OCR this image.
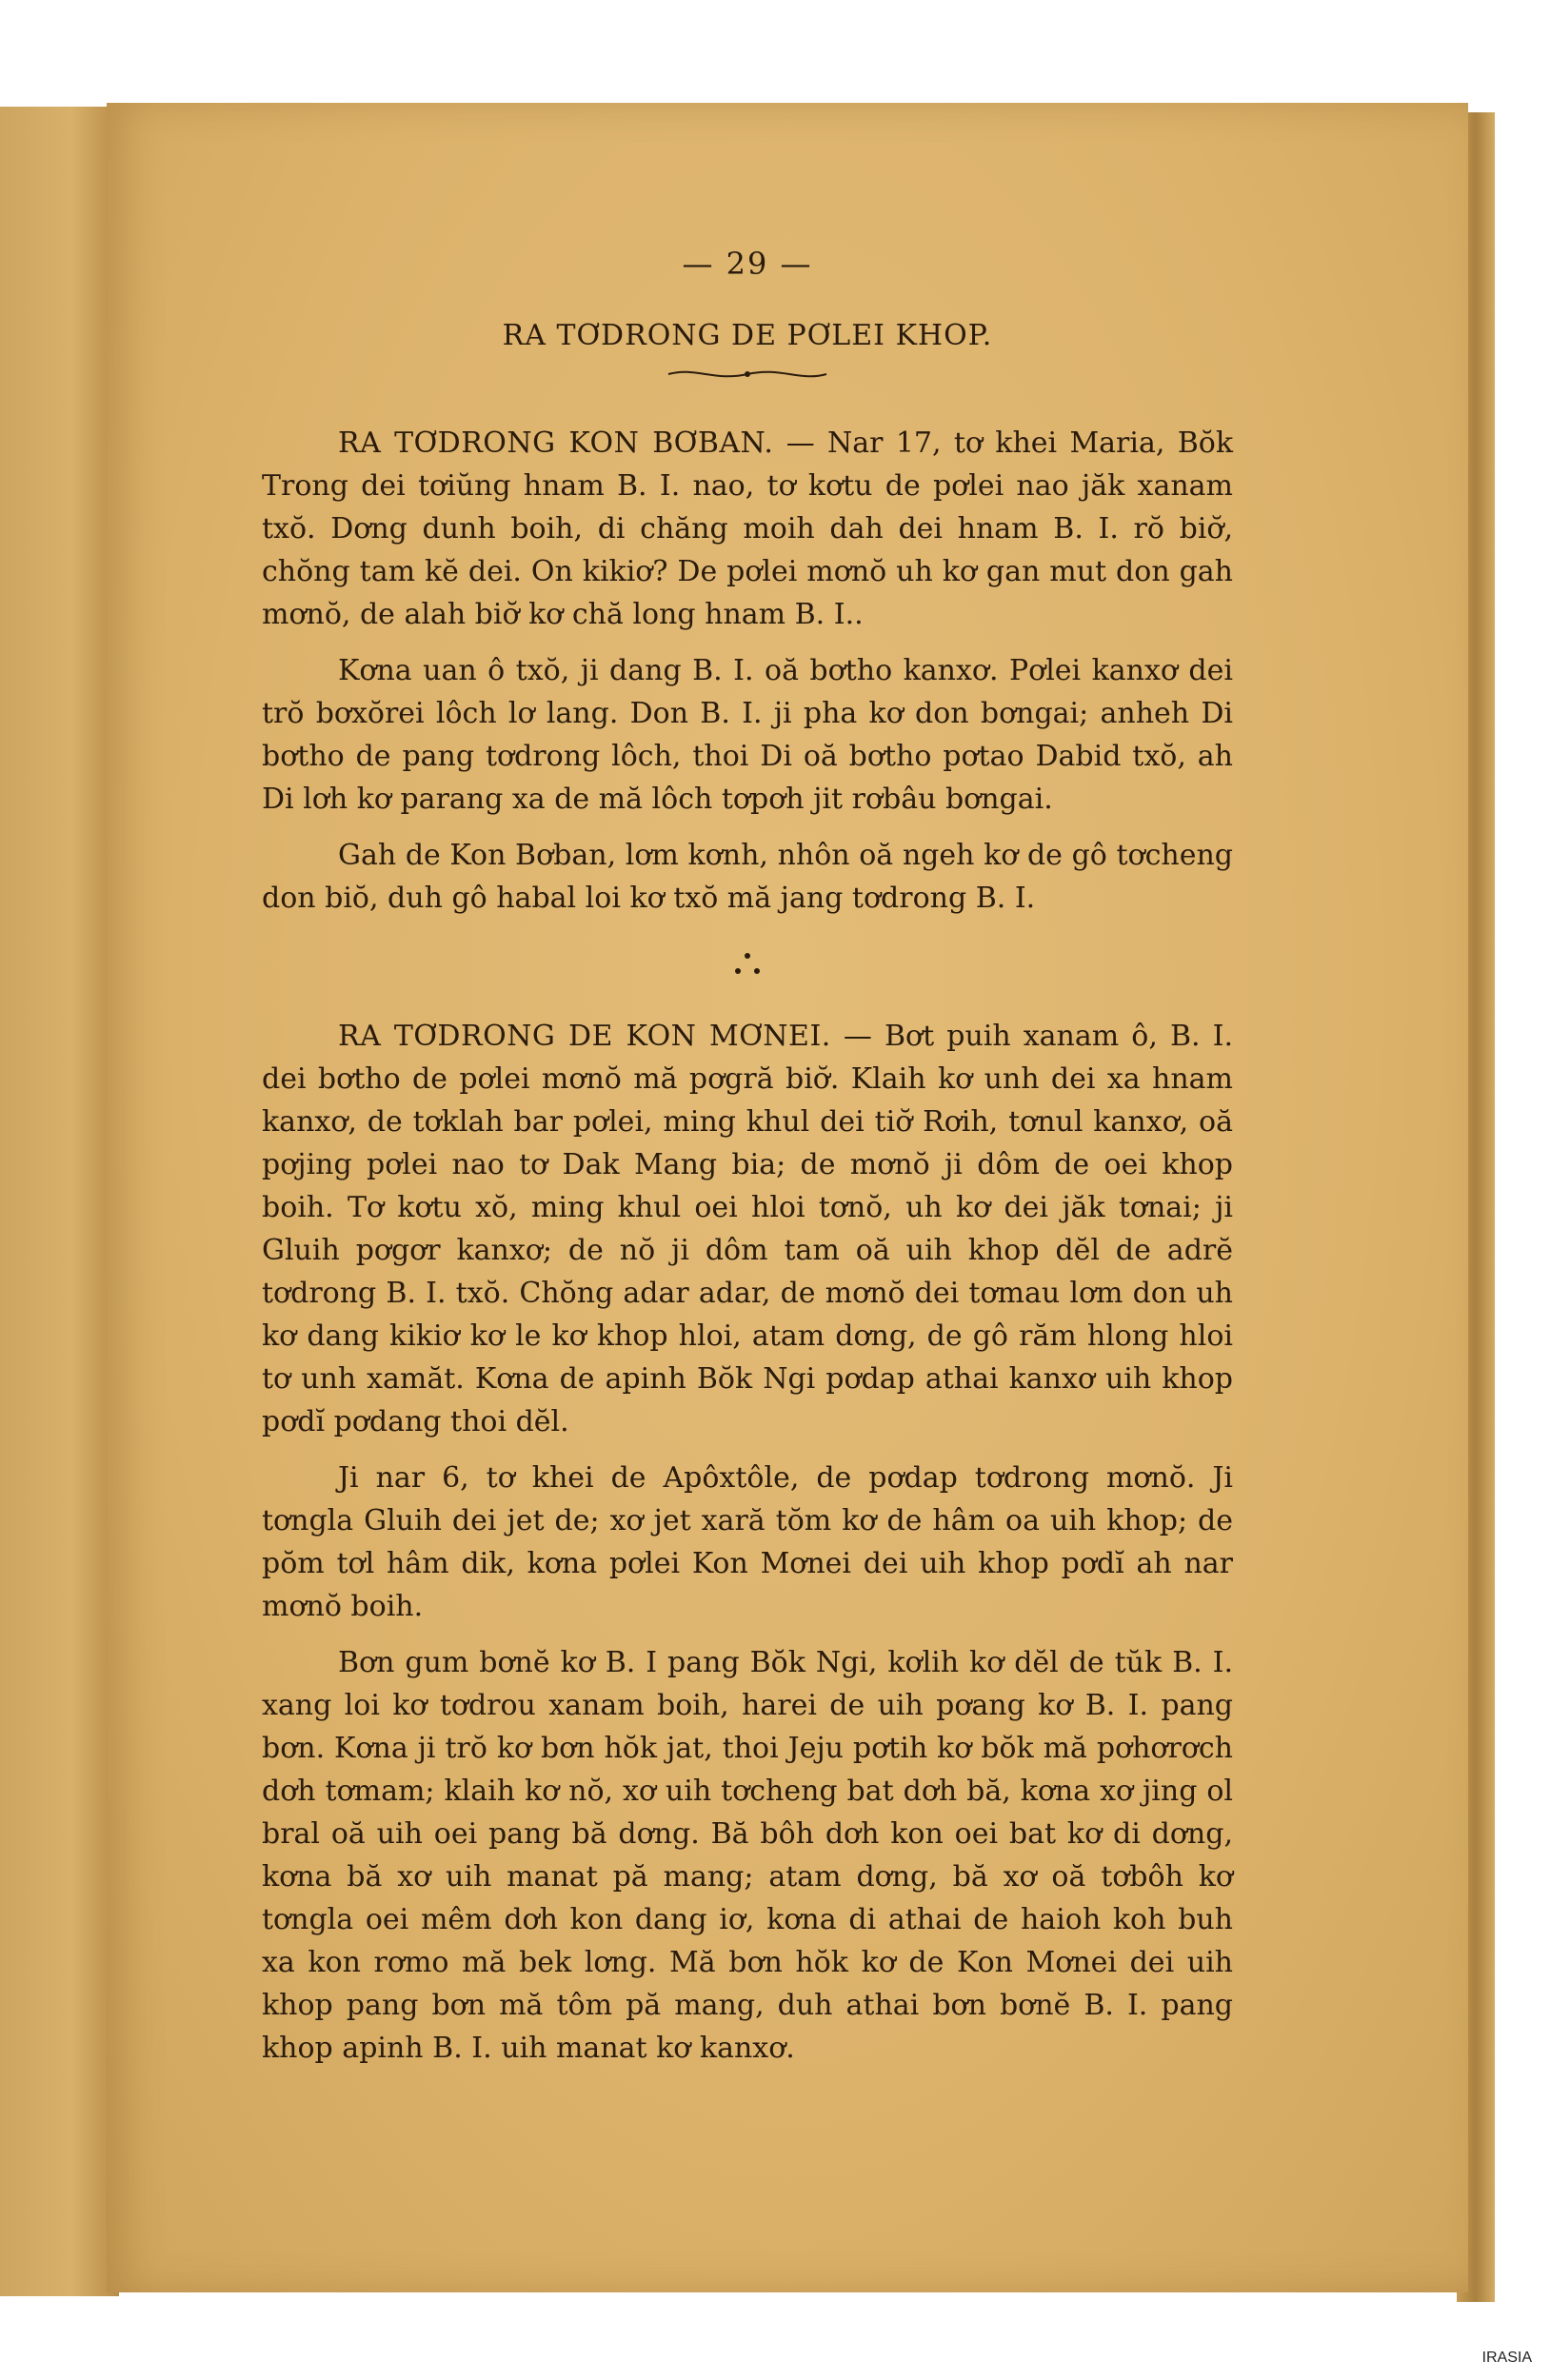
— 29 —
RA TƠDRONG DE PƠLEI KHOP.

RA TƠDRONG KON BƠBAN. — Nar 17, tơ khei Maria, Bŏk Trong dei tơiŭng hnam B. I. nao, tơ kơtu de pơlei nao jăk xanam txŏ. Dơng dunh boih, di chăng moih dah dei hnam B. I. rŏ biơ̆, chŏng tam kĕ dei. On kikiơ? De pơlei mơnŏ uh kơ gan mut don gah mơnŏ, de alah biơ̆ kơ chă long hnam B. I..

Kơna uan ô txŏ, ji dang B. I. oă bơtho kanxơ. Pơlei kanxơ dei trŏ bơxŏrei lôch lơ lang. Don B. I. ji pha kơ don bơngai; anheh Di bơtho de pang tơdrong lôch, thoi Di oă bơtho pơtao Dabid txŏ, ah Di lơh kơ parang xa de mă lôch tơpơh jit rơbâu bơngai.

Gah de Kon Bơban, lơm kơnh, nhôn oă ngeh kơ de gô tơcheng don biŏ, duh gô habal loi kơ txŏ mă jang tơdrong B. I.

RA TƠDRONG DE KON MƠNEI. — Bơt puih xanam ô, B. I. dei bơtho de pơlei mơnŏ mă pơgră biơ̆. Klaih kơ unh dei xa hnam kanxơ, de tơklah bar pơlei, ming khul dei tiơ̆ Rơih, tơnul kanxơ, oă pơjing pơlei nao tơ Dak Mang bia; de mơnŏ ji dôm de oei khop boih. Tơ kơtu xŏ, ming khul oei hloi tơnŏ, uh kơ dei jăk tơnai; ji Gluih pơgơr kanxơ; de nŏ ji dôm tam oă uih khop dĕl de adrĕ tơdrong B. I. txŏ. Chŏng adar adar, de mơnŏ dei tơmau lơm don uh kơ dang kikiơ kơ le kơ khop hloi, atam dơng, de gô răm hlong hloi tơ unh xamăt. Kơna de apinh Bŏk Ngi pơdap athai kanxơ uih khop pơdĭ pơdang thoi dĕl.

Ji nar 6, tơ khei de Apôxtôle, de pơdap tơdrong mơnŏ. Ji tơngla Gluih dei jet de; xơ jet xară tŏm kơ de hâm oa uih khop; de pŏm tơl hâm dik, kơna pơlei Kon Mơnei dei uih khop pơdĭ ah nar mơnŏ boih.

Bơn gum bơnĕ kơ B. I pang Bŏk Ngi, kơlih kơ dĕl de tŭk B. I. xang loi kơ tơdrou xanam boih, harei de uih pơang kơ B. I. pang bơn. Kơna ji trŏ kơ bơn hŏk jat, thoi Jeju pơtih kơ bŏk mă pơhơrơch dơh tơmam; klaih kơ nŏ, xơ uih tơcheng bat dơh bă, kơna xơ jing ol bral oă uih oei pang bă dơng. Bă bôh dơh kon oei bat kơ di dơng, kơna bă xơ uih manat pă mang; atam dơng, bă xơ oă tơbôh kơ tơngla oei mêm dơh kon dang iơ, kơna di athai de haioh koh buh xa kon rơmo mă bek lơng. Mă bơn hŏk kơ de Kon Mơnei dei uih khop pang bơn mă tôm pă mang, duh athai bơn bơnĕ B. I. pang khop apinh B. I. uih manat kơ kanxơ.

IRASIA
